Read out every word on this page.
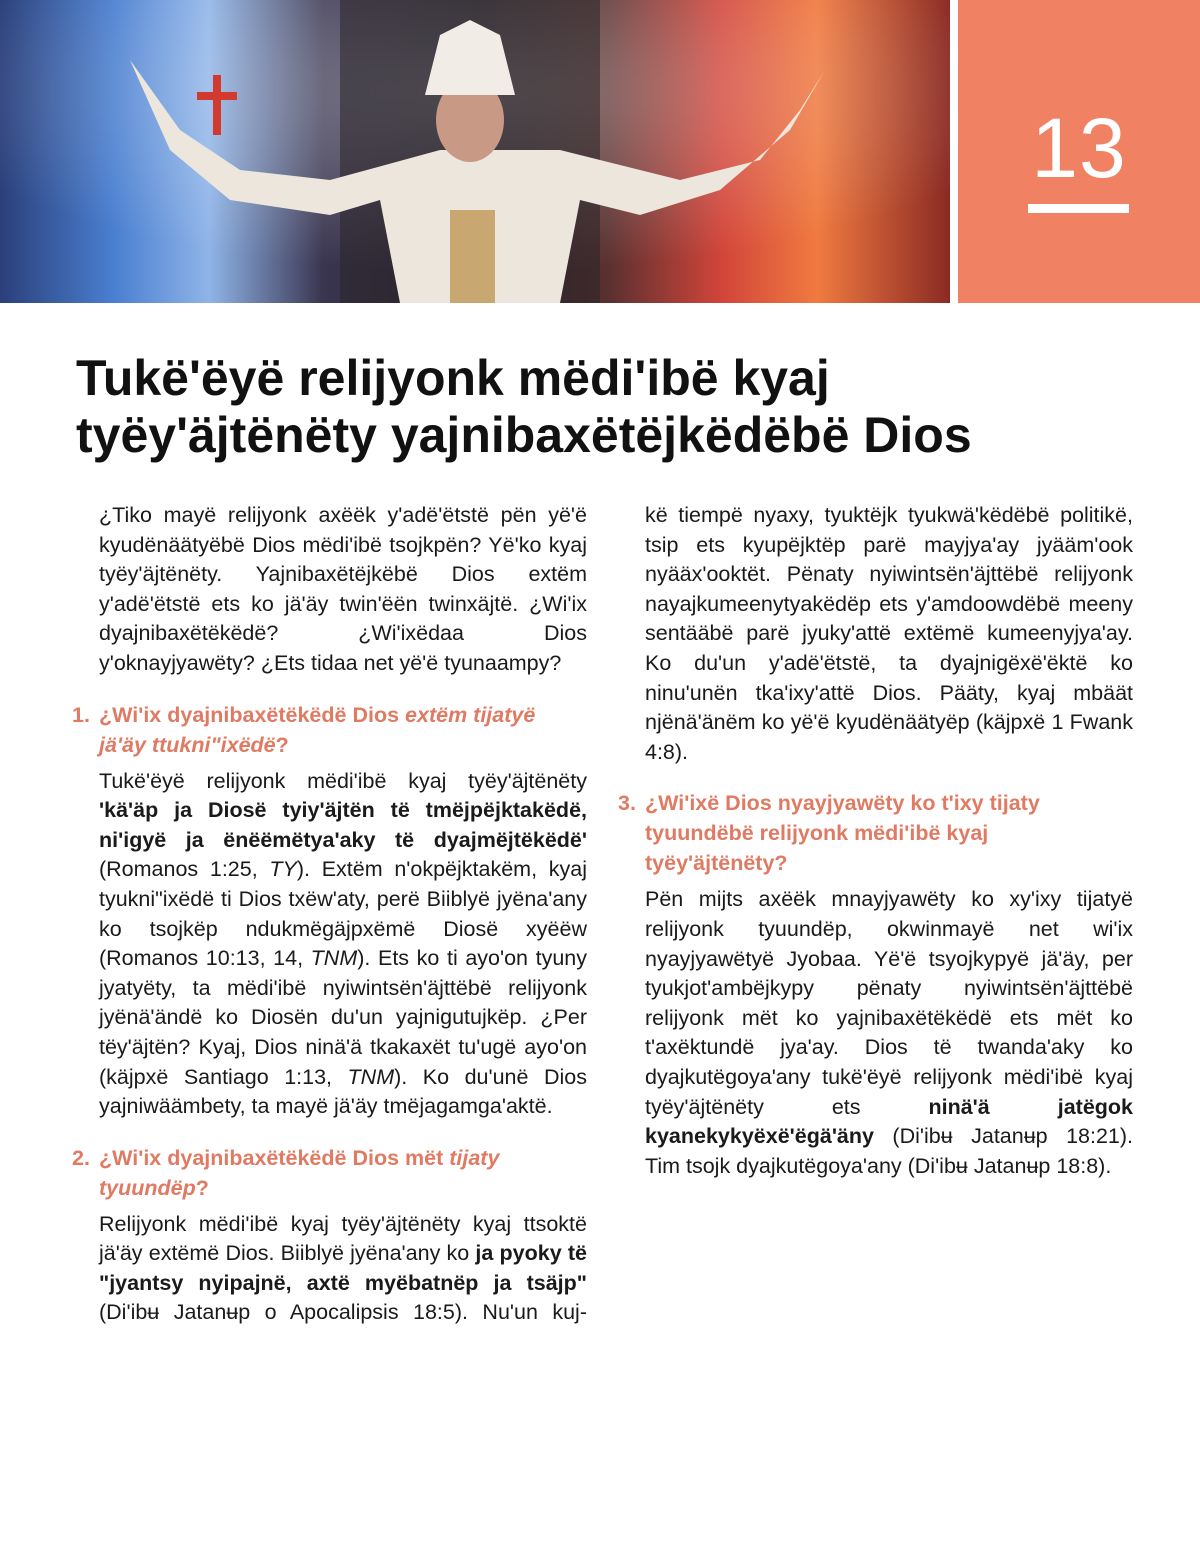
13
Tukë'ëyë relijyonk mëdi'ibë kyaj
tyëy'äjtënëty yajnibaxëtëjkëdëbë Dios

¿Tiko mayë relijyonk axëëk y'adë'ëtstë pën yë'ë kyudënäätyëbë Dios mëdi'ibë tsojkpën? Yë'ko kyaj tyëy'äjtënëty. Yajnibaxëtëjkëbë Dios extëm y'adë'ëtstë ets ko jä'äy twin'ëën twinxäjtë. ¿Wi'ix dyajnibaxëtëkëdë? ¿Wi'ixëdaa Dios y'oknayjyawëty? ¿Ets tidaa net yë'ë tyunaampy?

1. ¿Wi'ix dyajnibaxëtëkëdë Dios extëm tijatyë jä'äy ttukni"ixëdë?

Tukë'ëyë relijyonk mëdi'ibë kyaj tyëy'äjtënëty 'kä'äp ja Diosë tyiy'äjtën të tmëjpëjktakëdë, ni'igyë ja ënëëmëtya'aky të dyajmëjtëkëdë' (Romanos 1:25, TY). Extëm n'okpëjktakëm, kyaj tyukni"ixëdë ti Dios txëw'aty, perë Biiblyë jyëna'any ko tsojkëp ndukmëgäjpxëmë Diosë xyëëw (Romanos 10:13, 14, TNM). Ets ko ti ayo'on tyuny jyatyëty, ta mëdi'ibë nyiwintsën'äjttëbë relijyonk jyënä'ändë ko Diosën du'un yajnigutujkëp. ¿Per tëy'äjtën? Kyaj, Dios ninä'ä tkakaxët tu'ugë ayo'on (käjpxë Santiago 1:13, TNM). Ko du'unë Dios yajniwäämbety, ta mayë jä'äy tmëjagamga'aktë.

2. ¿Wi'ix dyajnibaxëtëkëdë Dios mët tijaty tyuundëp?

Relijyonk mëdi'ibë kyaj tyëy'äjtënëty kyaj ttsoktë jä'äy extëmë Dios. Biiblyë jyëna'any ko ja pyoky të "jyantsy nyipajnë, axtë myëbatnëp ja tsäjp" (Di'ibʉ Jatanʉp o Apocalipsis 18:5). Nu'un kuj-

kë tiempë nyaxy, tyuktëjk tyukwä'këdëbë politikë, tsip ets kyupëjktëp parë mayjya'ay jyääm'ook nyääx'ooktët. Pënaty nyiwintsën'äjttëbë relijyonk nayajkumeenytyakëdëp ets y'amdoowdëbë meeny sentääbë parë jyuky'attë extëmë kumeenyjya'ay. Ko du'un y'adë'ëtstë, ta dyajnigëxë'ëktë ko ninu'unën tka'ixy'attë Dios. Pääty, kyaj mbäät njënä'änëm ko yë'ë kyudënäätyëp (käjpxë 1 Fwank 4:8).

3. ¿Wi'ixë Dios nyayjyawëty ko t'ixy tijaty tyuundëbë relijyonk mëdi'ibë kyaj tyëy'äjtënëty?

Pën mijts axëëk mnayjyawëty ko xy'ixy tijatyë relijyonk tyuundëp, okwinmayë net wi'ix nyayjyawëtyë Jyobaa. Yë'ë tsyojkypyë jä'äy, per tyukjot'ambëjkypy pënaty nyiwintsën'äjttëbë relijyonk mët ko yajnibaxëtëkëdë ets mët ko t'axëktundë jya'ay. Dios të twanda'aky ko dyajkutëgoya'any tukë'ëyë relijyonk mëdi'ibë kyaj tyëy'äjtënëty ets ninä'ä jatëgok kyanekykyëxë'ëgä'äny (Di'ibʉ Jatanʉp 18:21). Tim tsojk dyajkutëgoya'any (Di'ibʉ Jatanʉp 18:8).
